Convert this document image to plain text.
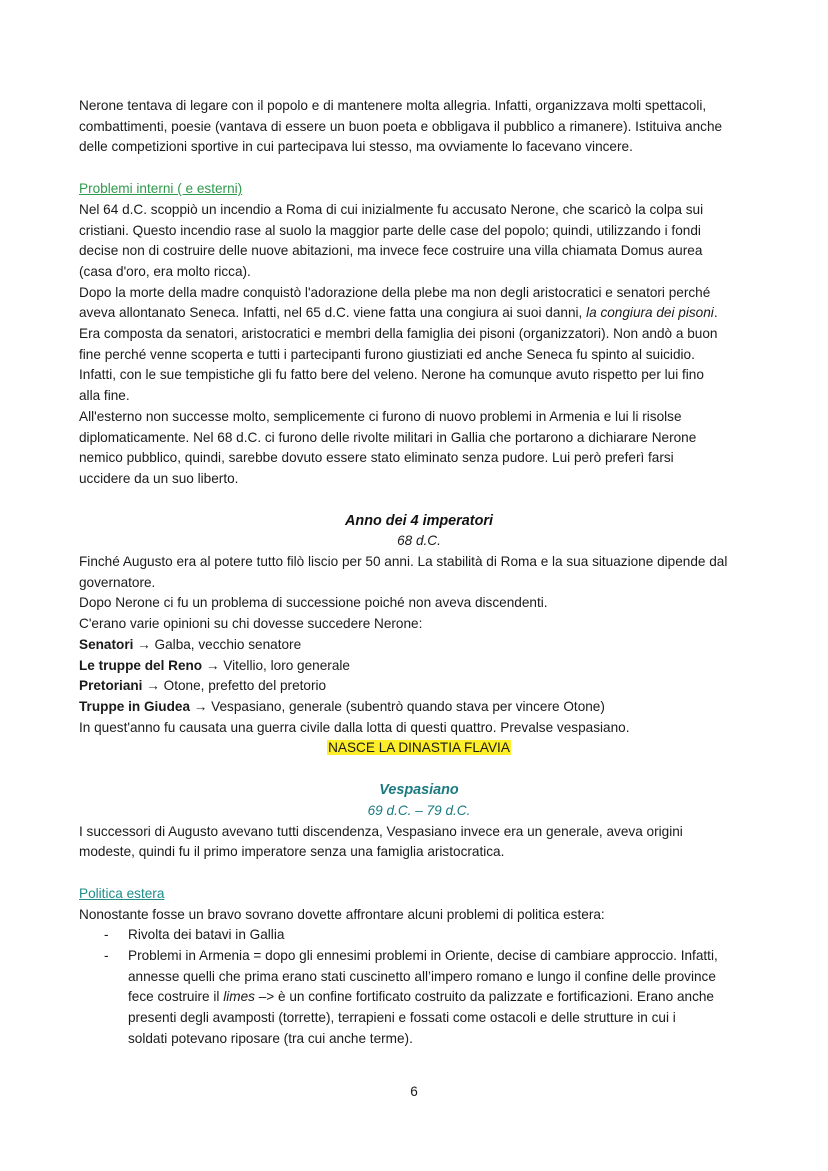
Nerone tentava di legare con il popolo e di mantenere molta allegria. Infatti, organizzava molti spettacoli,

combattimenti, poesie (vantava di essere un buon poeta e obbligava il pubblico a rimanere). Istituiva anche

delle competizioni sportive in cui partecipava lui stesso, ma ovviamente lo facevano vincere.

Problemi interni ( e esterni)

Nel 64 d.C. scoppiò un incendio a Roma di cui inizialmente fu accusato Nerone, che scaricò la colpa sui

cristiani. Questo incendio rase al suolo la maggior parte delle case del popolo; quindi, utilizzando i fondi

decise non di costruire delle nuove abitazioni, ma invece fece costruire una villa chiamata Domus aurea

(casa d'oro, era molto ricca).

Dopo la morte della madre conquistò l'adorazione della plebe ma non degli aristocratici e senatori perché

aveva allontanato Seneca. Infatti, nel 65 d.C. viene fatta una congiura ai suoi danni, la congiura dei pisoni.

Era composta da senatori, aristocratici e membri della famiglia dei pisoni (organizzatori). Non andò a buon

fine perché venne scoperta e tutti i partecipanti furono giustiziati ed anche Seneca fu spinto al suicidio.

Infatti, con le sue tempistiche gli fu fatto bere del veleno. Nerone ha comunque avuto rispetto per lui fino

alla fine.

All'esterno non successe molto, semplicemente ci furono di nuovo problemi in Armenia e lui li risolse

diplomaticamente. Nel 68 d.C. ci furono delle rivolte militari in Gallia che portarono a dichiarare Nerone

nemico pubblico, quindi, sarebbe dovuto essere stato eliminato senza pudore. Lui però preferì farsi

uccidere da un suo liberto.

Anno dei 4 imperatori

68 d.C.

Finché Augusto era al potere tutto filò liscio per 50 anni. La stabilità di Roma e la sua situazione dipende dal

governatore.

Dopo Nerone ci fu un problema di successione poiché non aveva discendenti.

C'erano varie opinioni su chi dovesse succedere Nerone:

Senatori → Galba, vecchio senatore

Le truppe del Reno → Vitellio, loro generale

Pretoriani → Otone, prefetto del pretorio

Truppe in Giudea → Vespasiano, generale (subentrò quando stava per vincere Otone)

In quest'anno fu causata una guerra civile dalla lotta di questi quattro. Prevalse vespasiano.

NASCE LA DINASTIA FLAVIA

Vespasiano

69 d.C. – 79 d.C.

I successori di Augusto avevano tutti discendenza, Vespasiano invece era un generale, aveva origini

modeste, quindi fu il primo imperatore senza una famiglia aristocratica.

Politica estera

Nonostante fosse un bravo sovrano dovette affrontare alcuni problemi di politica estera:

- Rivolta dei batavi in Gallia
- Problemi in Armenia = dopo gli ennesimi problemi in Oriente, decise di cambiare approccio. Infatti,
annesse quelli che prima erano stati cuscinetto all’impero romano e lungo il confine delle province
fece costruire il limes –> è un confine fortificato costruito da palizzate e fortificazioni. Erano anche
presenti degli avamposti (torrette), terrapieni e fossati come ostacoli e delle strutture in cui i
soldati potevano riposare (tra cui anche terme).
6
